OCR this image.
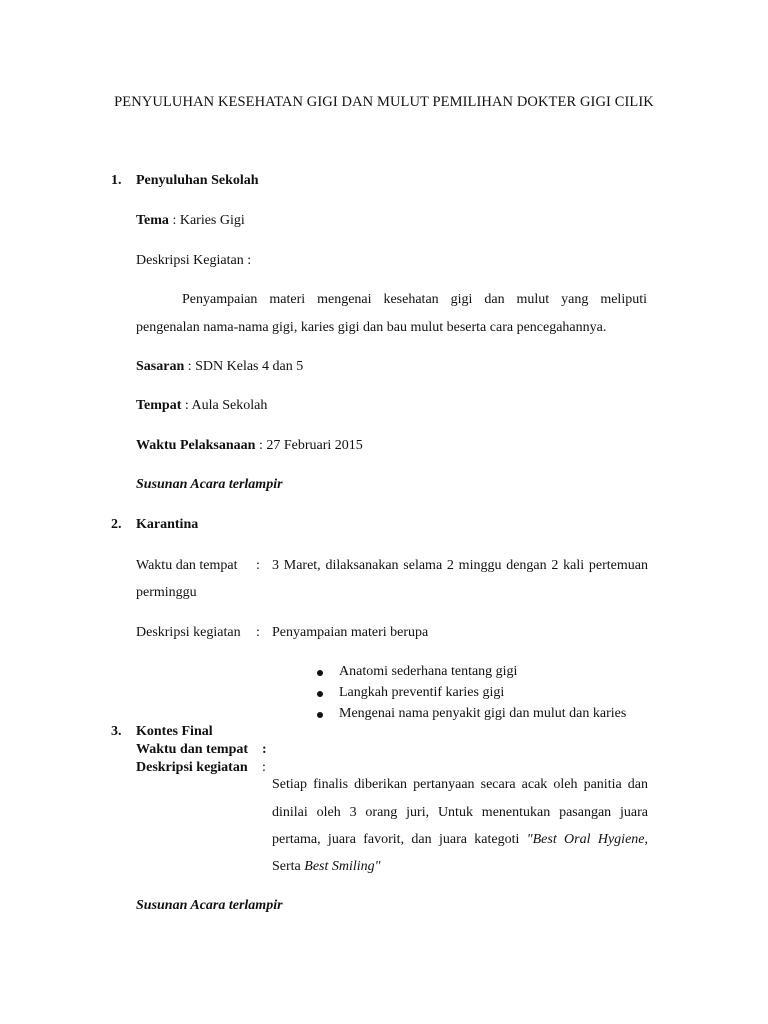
PENYULUHAN KESEHATAN GIGI DAN MULUT PEMILIHAN DOKTER GIGI CILIK
1. Penyuluhan Sekolah
Tema : Karies Gigi
Deskripsi Kegiatan :
Penyampaian materi mengenai kesehatan gigi dan mulut yang meliputi
pengenalan nama-nama gigi, karies gigi dan bau mulut beserta cara pencegahannya.
Sasaran : SDN Kelas 4 dan 5
Tempat : Aula Sekolah
Waktu Pelaksanaan : 27 Februari 2015
Susunan Acara terlampir
2. Karantina
Waktu dan tempat : 3 Maret, dilaksanakan selama 2 minggu dengan 2 kali pertemuan
perminggu
Deskripsi kegiatan : Penyampaian materi berupa
Anatomi sederhana tentang gigi
Langkah preventif karies gigi
Mengenai nama penyakit gigi dan mulut dan karies
3. Kontes Final
Waktu dan tempat :
Deskripsi kegiatan :
Setiap finalis diberikan pertanyaan secara acak oleh panitia dan
dinilai oleh 3 orang juri, Untuk menentukan pasangan juara
pertama, juara favorit, dan juara kategoti "Best Oral Hygiene,
Serta Best Smiling"
Susunan Acara terlampir
